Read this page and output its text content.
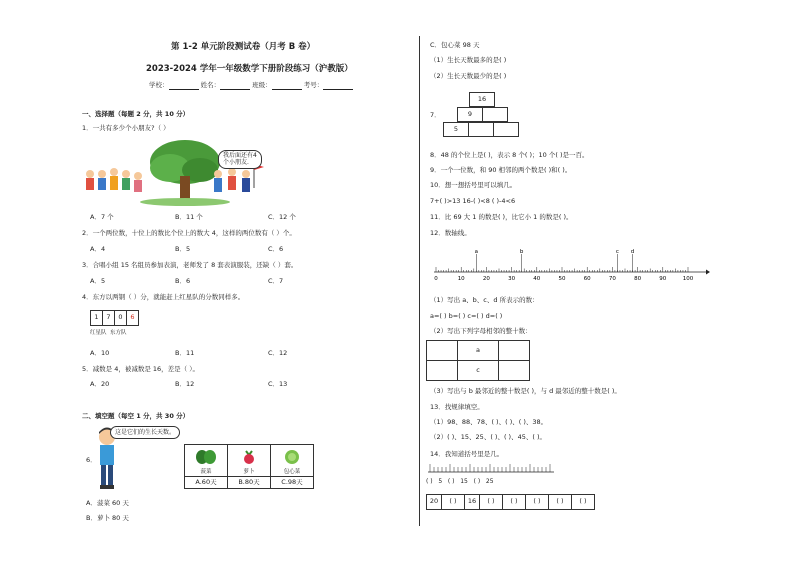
第 1-2 单元阶段测试卷（月考 B 卷）
2023-2024 学年一年级数学下册阶段练习（沪教版）
学校：	姓名：	班级：	考号：
一、选择题（每题 2 分，共 10 分）
1．一共有多少个小朋友?（ ）
我后面还有4个小朋友.
A．7 个	B．11 个	C．12 个
2．一个两位数，十位上的数比个位上的数大 4，这样的两位数有（ ）个。
A．4	B．5	C．6
3．合唱小组 15 名组员参加表演，老师发了 8 套表演服装，还缺（ ）套。
A．5	B．6	C．7
4．东方以两钢（ ）分，就能赶上红星队的分数同样多。
1	7	0	6
红星队 东方队
A．10	B．11	C．12
5．减数是 4，被减数是 16，差是（ ）。
A．20	B．12	C．13
二、填空题（每空 1 分，共 30 分）
6．
这是它们的生长天数。

菠菜	萝卜	包心菜
A.60天	B.80天	C.98天
A．菠菜 60 天
B．萝卜 80 天
C．包心菜 98 天
（1）生长天数最多的是( )
（2）生长天数最少的是( )
7．
16
9
5
8．48 的个位上是( )，表示 8 个( )；10 个( )是一百。
9．一个一位数，和 90 相邻的两个数是( )和( )。
10．想一想括号里可以填几。
7+( )>13 16-( )<8 ( )-4<6
11．比 69 大 1 的数是( )，比它小 1 的数是( )。
12．数轴线。
0	10	20	30	40	50	60	70	80	90	100
a	b	c d
（1）写出 a、b、c、d 所表示的数：
a=( ) b=( ) c=( ) d=( )
（2）写出下列字母相邻的整十数：
	a	
	c	
（3）写出与 b 最邻近的整十数是( )，与 d 最邻近的整十数是( )。
13．找规律填空。
（1）98、88、78、( )、( )、( )、38。
（2）( )、15、25、( )、( )、45、( )。
14．我知道括号里是几。
( ) 5 ( ) 15 ( ) 25
20	( )	16	( )	( )	( )	( )	( )
